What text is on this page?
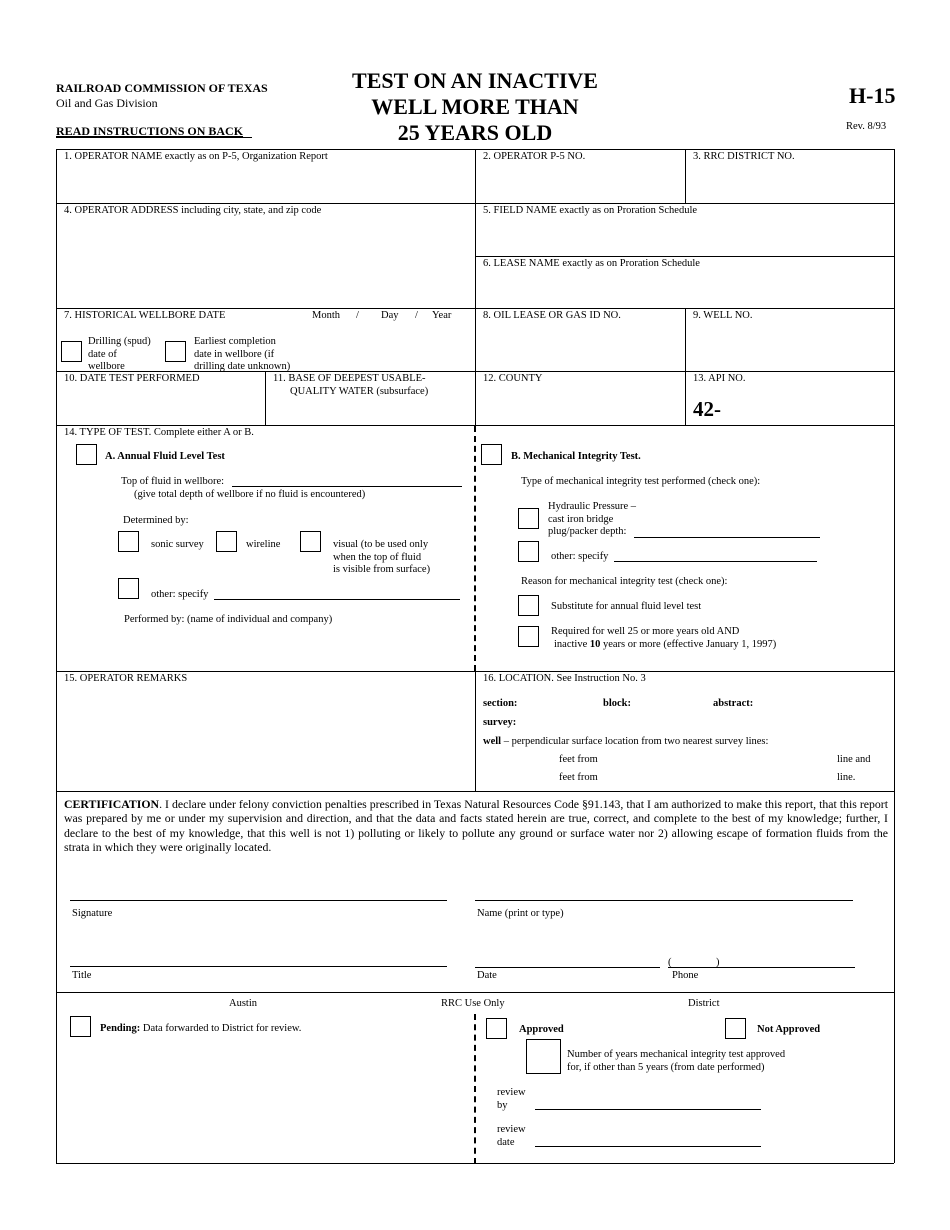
RAILROAD COMMISSION OF TEXAS
Oil and Gas Division
READ INSTRUCTIONS ON BACK
TEST ON AN INACTIVE
WELL MORE THAN
25 YEARS OLD
H-15
Rev. 8/93
1. OPERATOR NAME exactly as on P-5, Organization Report	2. OPERATOR P-5 NO.	3. RRC DISTRICT NO.
4. OPERATOR ADDRESS including city, state, and zip code	5. FIELD NAME exactly as on Proration Schedule
6. LEASE NAME exactly as on Proration Schedule
7. HISTORICAL WELLBORE DATE	Month / Day / Year
Drilling (spud)
date of
wellbore
Earliest completion
date in wellbore (if
drilling date unknown)
8. OIL LEASE OR GAS ID NO.	9. WELL NO.
10. DATE TEST PERFORMED	11. BASE OF DEEPEST USABLE-
QUALITY WATER (subsurface)
12. COUNTY	13. API NO.
42-
14. TYPE OF TEST. Complete either A or B.
A. Annual Fluid Level Test
Top of fluid in wellbore:
(give total depth of wellbore if no fluid is encountered)
Determined by:
sonic survey	wireline	visual (to be used only
when the top of fluid
is visible from surface)
other: specify
Performed by: (name of individual and company)
B. Mechanical Integrity Test.
Type of mechanical integrity test performed (check one):
Hydraulic Pressure –
cast iron bridge
plug/packer depth:
other: specify
Reason for mechanical integrity test (check one):
Substitute for annual fluid level test
Required for well 25 or more years old AND
inactive 10 years or more (effective January 1, 1997)
15. OPERATOR REMARKS	16. LOCATION. See Instruction No. 3
section:	block:	abstract:
survey:
well – perpendicular surface location from two nearest survey lines:
feet from	line and
feet from	line.
CERTIFICATION. I declare under felony conviction penalties prescribed in Texas Natural Resources Code §91.143, that I am authorized to make this report, that this report was prepared by me or under my supervision and direction, and that the data and facts stated herein are true, correct, and complete to the best of my knowledge; further, I declare to the best of my knowledge, that this well is not 1) polluting or likely to pollute any ground or surface water nor 2) allowing escape of formation fluids from the strata in which they were originally located.
Signature	Name (print or type)
Title	Date
(	)
Phone
Austin	RRC Use Only	District
Pending: Data forwarded to District for review.	Approved	Not Approved
Number of years mechanical integrity test approved
for, if other than 5 years (from date performed)
review
by
review
date
